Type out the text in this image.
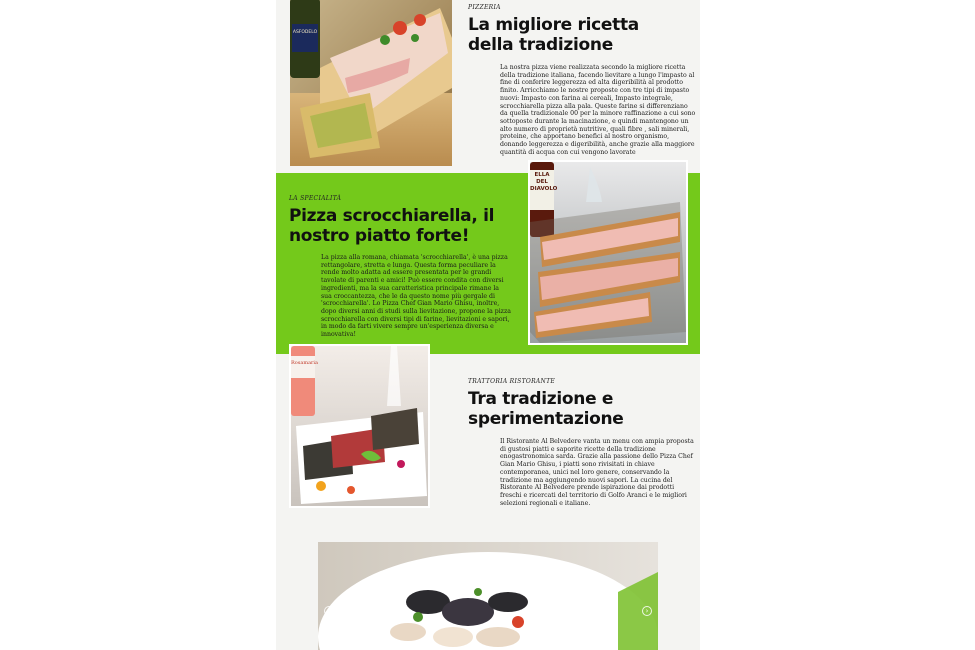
ASFODELO
PIZZERIA
La migliore ricetta
della tradizione
La nostra pizza viene realizzata secondo la migliore ricetta della tradizione italiana, facendo lievitare a lungo l'impasto al fine di conferire leggerezza ed alta digeribilità al prodotto finito. Arricchiamo le nostre proposte con tre tipi di impasto nuovi: Impasto con farina ai cereali, Impasto integrale, scrocchiarella pizza alla pala. Queste farine si differenziano da quella tradizionale 00 per la minore raffinazione a cui sono sottoposte durante la macinazione, e quindi mantengono un alto numero di proprietà nutritive, quali fibre , sali minerali, proteine, che apportano benefici al nostro organismo, donando leggerezza e digeribilità, anche grazie alla maggiore quantità di acqua con cui vengono lavorate
ELLA DEL DIAVOLO
LA SPECIALITÀ
Pizza scrocchiarella, il
nostro piatto forte!
La pizza alla romana, chiamata 'scrocchiarella', è una pizza rettangolare, stretta e lunga. Questa forma peculiare la rende molto adatta ad essere presentata per le grandi tavolate di parenti e amici! Può essere condita con diversi ingredienti, ma la sua caratteristica principale rimane la sua croccantezza, che le da questo nome più gergale di 'scrocchiarella'. Lo Pizza Chef Gian Mario Ghisu, inoltre, dopo diversi anni di studi sulla lievitazione, propone la pizza scrocchiarella con diversi tipi di farine, lievitazioni e sapori, in modo da farti vivere sempre un'esperienza diversa e innovativa!
Rosamaria
TRATTORIA RISTORANTE
Tra tradizione e
sperimentazione
Il Ristorante Al Belvedere vanta un menu con ampia proposta di gustosi piatti e saporite ricette della tradizione enogastronomica sarda. Grazie alla passione dello Pizza Chef Gian Mario Ghisu, i piatti sono rivisitati in chiave contemporanea, unici nel loro genere, conservando la tradizione ma aggiungendo nuovi sapori. La cucina del Ristorante Al Belvedere prende ispirazione dai prodotti freschi e ricercati del territorio di Golfo Aranci e le migliori selezioni regionali e italiane.
‹	›
